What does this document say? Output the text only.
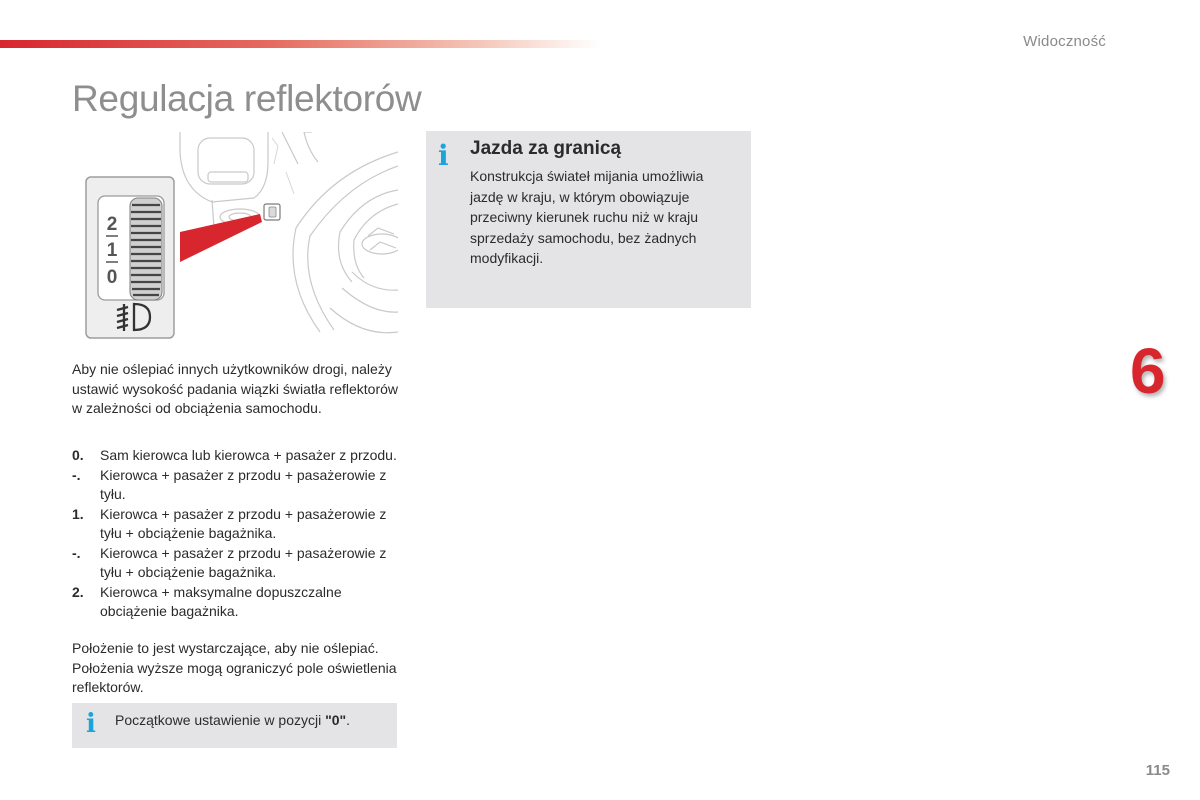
Widoczność
Regulacja reflektorów
2
1
0

Aby nie oślepiać innych użytkowników drogi, należy ustawić wysokość padania wiązki światła reflektorów w zależności od obciążenia samochodu.

0.	Sam kierowca lub kierowca + pasażer z przodu.
-.	Kierowca + pasażer z przodu + pasażerowie z tyłu.
1.	Kierowca + pasażer z przodu + pasażerowie z tyłu + obciążenie bagażnika.
-.	Kierowca + pasażer z przodu + pasażerowie z tyłu + obciążenie bagażnika.
2.	Kierowca + maksymalne dopuszczalne obciążenie bagażnika.

Położenie to jest wystarczające, aby nie oślepiać. Położenia wyższe mogą ograniczyć pole oświetlenia reflektorów.

i Początkowe ustawienie w pozycji "0".

i Jazda za granicą

Konstrukcja świateł mijania umożliwia jazdę w kraju, w którym obowiązuje przeciwny kierunek ruchu niż w kraju sprzedaży samochodu, bez żadnych modyfikacji.

6
115
